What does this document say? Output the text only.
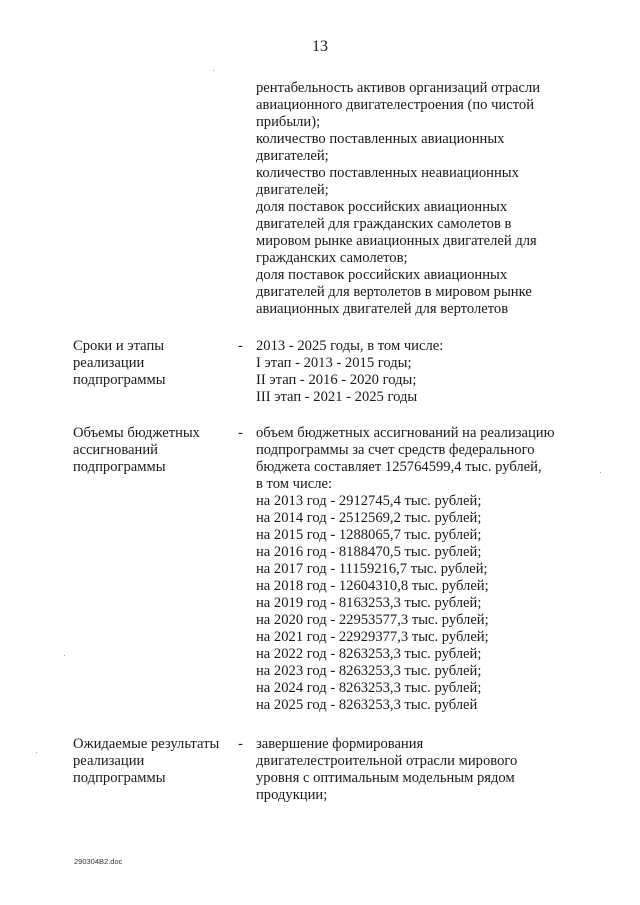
13
рентабельность активов организаций отрасли
авиационного двигателестроения (по чистой
прибыли);
количество поставленных авиационных
двигателей;
количество поставленных неавиационных
двигателей;
доля поставок российских авиационных
двигателей для гражданских самолетов в
мировом рынке авиационных двигателей для
гражданских самолетов;
доля поставок российских авиационных
двигателей для вертолетов в мировом рынке
авиационных двигателей для вертолетов
Сроки и этапы
реализации
подпрограммы
- 2013 - 2025 годы, в том числе:
I этап - 2013 - 2015 годы;
II этап - 2016 - 2020 годы;
III этап - 2021 - 2025 годы
Объемы бюджетных
ассигнований
подпрограммы
- объем бюджетных ассигнований на реализацию
подпрограммы за счет средств федерального
бюджета составляет 125764599,4 тыс. рублей,
в том числе:
на 2013 год - 2912745,4 тыс. рублей;
на 2014 год - 2512569,2 тыс. рублей;
на 2015 год - 1288065,7 тыс. рублей;
на 2016 год - 8188470,5 тыс. рублей;
на 2017 год - 11159216,7 тыс. рублей;
на 2018 год - 12604310,8 тыс. рублей;
на 2019 год - 8163253,3 тыс. рублей;
на 2020 год - 22953577,3 тыс. рублей;
на 2021 год - 22929377,3 тыс. рублей;
на 2022 год - 8263253,3 тыс. рублей;
на 2023 год - 8263253,3 тыс. рублей;
на 2024 год - 8263253,3 тыс. рублей;
на 2025 год - 8263253,3 тыс. рублей
Ожидаемые результаты
реализации
подпрограммы
- завершение формирования
двигателестроительной отрасли мирового
уровня с оптимальным модельным рядом
продукции;
290304B2.doc
